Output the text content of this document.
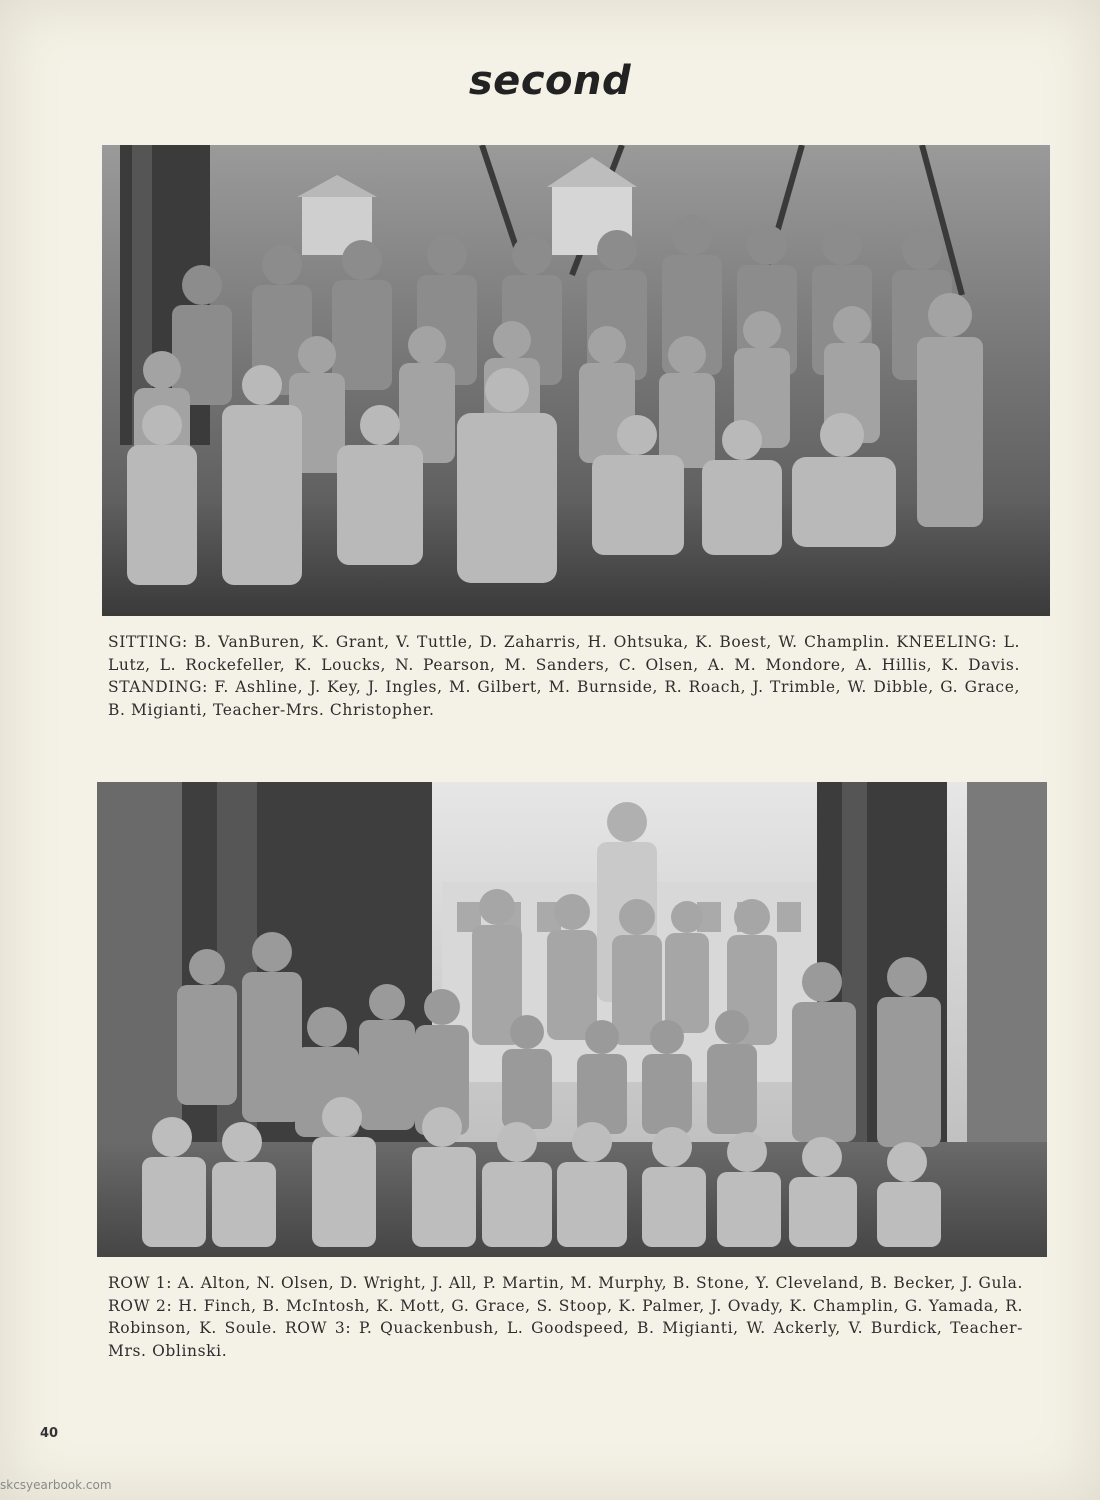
second

SITTING: B. VanBuren, K. Grant, V. Tuttle, D. Zaharris, H. Ohtsuka, K. Boest, W. Champlin. KNEELING: L. Lutz, L. Rockefeller, K. Loucks, N. Pearson, M. Sanders, C. Olsen, A. M. Mondore, A. Hillis, K. Davis. STANDING: F. Ashline, J. Key, J. Ingles, M. Gilbert, M. Burnside, R. Roach, J. Trimble, W. Dibble, G. Grace, B. Migianti, Teacher-Mrs. Christopher.

ROW 1: A. Alton, N. Olsen, D. Wright, J. All, P. Martin, M. Murphy, B. Stone, Y. Cleveland, B. Becker, J. Gula. ROW 2: H. Finch, B. McIntosh, K. Mott, G. Grace, S. Stoop, K. Palmer, J. Ovady, K. Champlin, G. Yamada, R. Robinson, K. Soule. ROW 3: P. Quackenbush, L. Goodspeed, B. Migianti, W. Ackerly, V. Burdick, Teacher-Mrs. Oblinski.

40
skcsyearbook.com
